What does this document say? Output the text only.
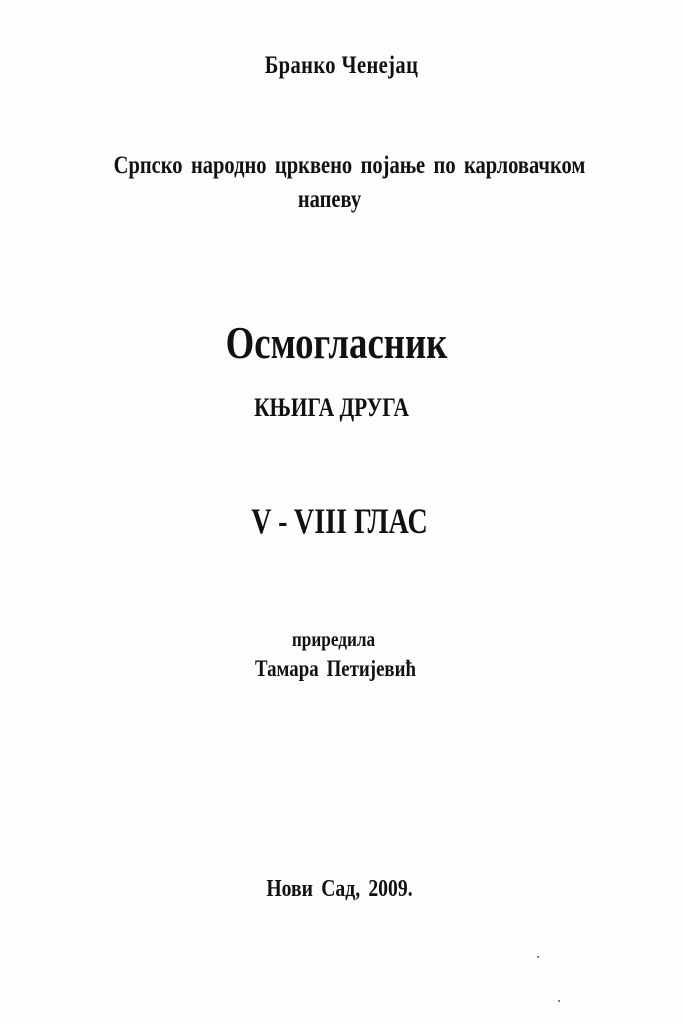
Бранко Ченејац
Српско народно црквено појање по карловачком
напеву
Осмогласник
КЊИГА ДРУГА
V - VIII ГЛАС
приредила
Тамара Петијевић
Нови Сад, 2009.
